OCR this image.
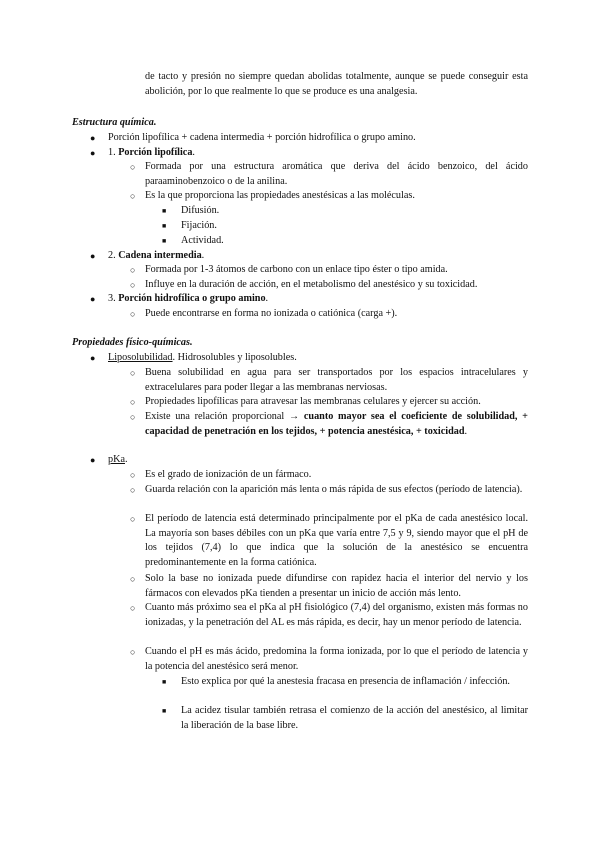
de tacto y presión no siempre quedan abolidas totalmente, aunque se puede conseguir esta abolición, por lo que realmente lo que se produce es una analgesia.
Estructura química.
● Porción lipofílica + cadena intermedia + porción hidrofílica o grupo amino.
● 1. Porción lipofílica.
○ Formada por una estructura aromática que deriva del ácido benzoico, del ácido paraaminobenzoico o de la anilina.
○ Es la que proporciona las propiedades anestésicas a las moléculas.
■ Difusión.
■ Fijación.
■ Actividad.
● 2. Cadena intermedia.
○ Formada por 1-3 átomos de carbono con un enlace tipo éster o tipo amida.
○ Influye en la duración de acción, en el metabolismo del anestésico y su toxicidad.
● 3. Porción hidrofílica o grupo amino.
○ Puede encontrarse en forma no ionizada o catiónica (carga +).
Propiedades físico-químicas.
● Liposolubilidad. Hidrosolubles y liposolubles.
○ Buena solubilidad en agua para ser transportados por los espacios intracelulares y extracelulares para poder llegar a las membranas nerviosas.
○ Propiedades lipofílicas para atravesar las membranas celulares y ejercer su acción.
○ Existe una relación proporcional → cuanto mayor sea el coeficiente de solubilidad, + capacidad de penetración en los tejidos, + potencia anestésica, + toxicidad.
● pKa.
○ Es el grado de ionización de un fármaco.
○ Guarda relación con la aparición más lenta o más rápida de sus efectos (período de latencia).
○ El período de latencia está determinado principalmente por el pKa de cada anestésico local. La mayoría son bases débiles con un pKa que varía entre 7,5 y 9, siendo mayor que el pH de los tejidos (7,4) lo que indica que la solución de la anestésico se encuentra predominantemente en la forma catiónica.
○ Solo la base no ionizada puede difundirse con rapidez hacia el interior del nervio y los fármacos con elevados pKa tienden a presentar un inicio de acción más lento.
○ Cuanto más próximo sea el pKa al pH fisiológico (7,4) del organismo, existen más formas no ionizadas, y la penetración del AL es más rápida, es decir, hay un menor período de latencia.
○ Cuando el pH es más ácido, predomina la forma ionizada, por lo que el período de latencia y la potencia del anestésico será menor.
■ Esto explica por qué la anestesia fracasa en presencia de inflamación / infección.
■ La acidez tisular también retrasa el comienzo de la acción del anestésico, al limitar la liberación de la base libre.
